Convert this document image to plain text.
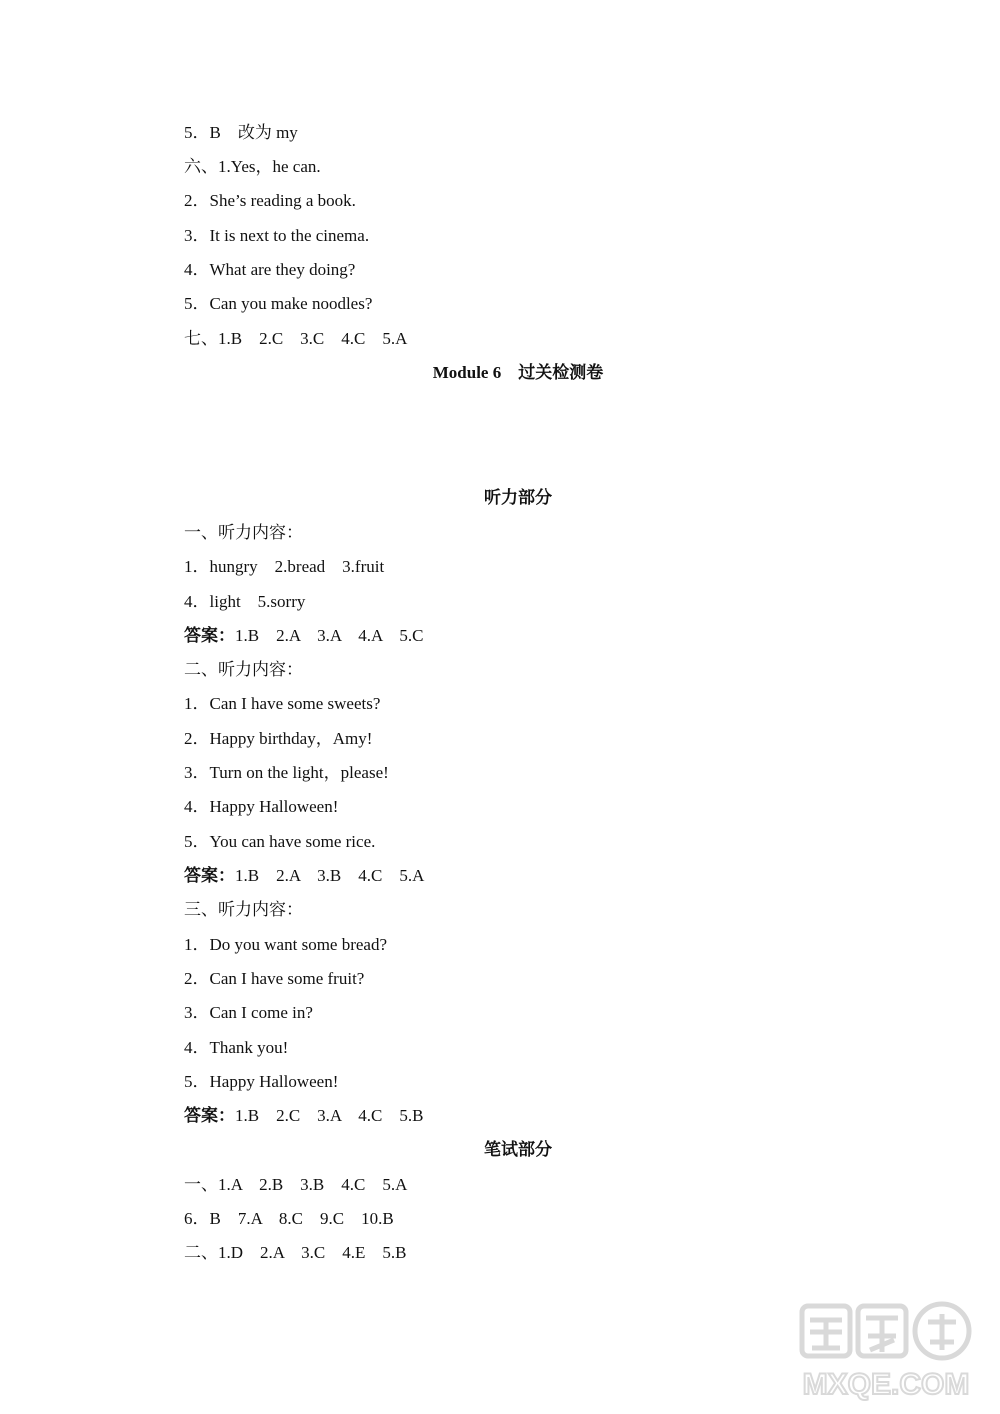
5．B　改为 my
六、1.Yes，he can.
2．She’s reading a book.
3．It is next to the cinema.
4．What are they doing?
5．Can you make noodles?
七、1.B　2.C　3.C　4.C　5.A
Module 6　过关检测卷
听力部分
一、听力内容：
1．hungry　2.bread　3.fruit
4．light　5.sorry
答案：1.B　2.A　3.A　4.A　5.C
二、听力内容：
1．Can I have some sweets?
2．Happy birthday，Amy!
3．Turn on the light，please!
4．Happy Halloween!
5．You can have some rice.
答案：1.B　2.A　3.B　4.C　5.A
三、听力内容：
1．Do you want some bread?
2．Can I have some fruit?
3．Can I come in?
4．Thank you!
5．Happy Halloween!
答案：1.B　2.C　3.A　4.C　5.B
笔试部分
一、1.A　2.B　3.B　4.C　5.A
6．B　7.A　8.C　9.C　10.B
二、1.D　2.A　3.C　4.E　5.B
MXQE.COM
